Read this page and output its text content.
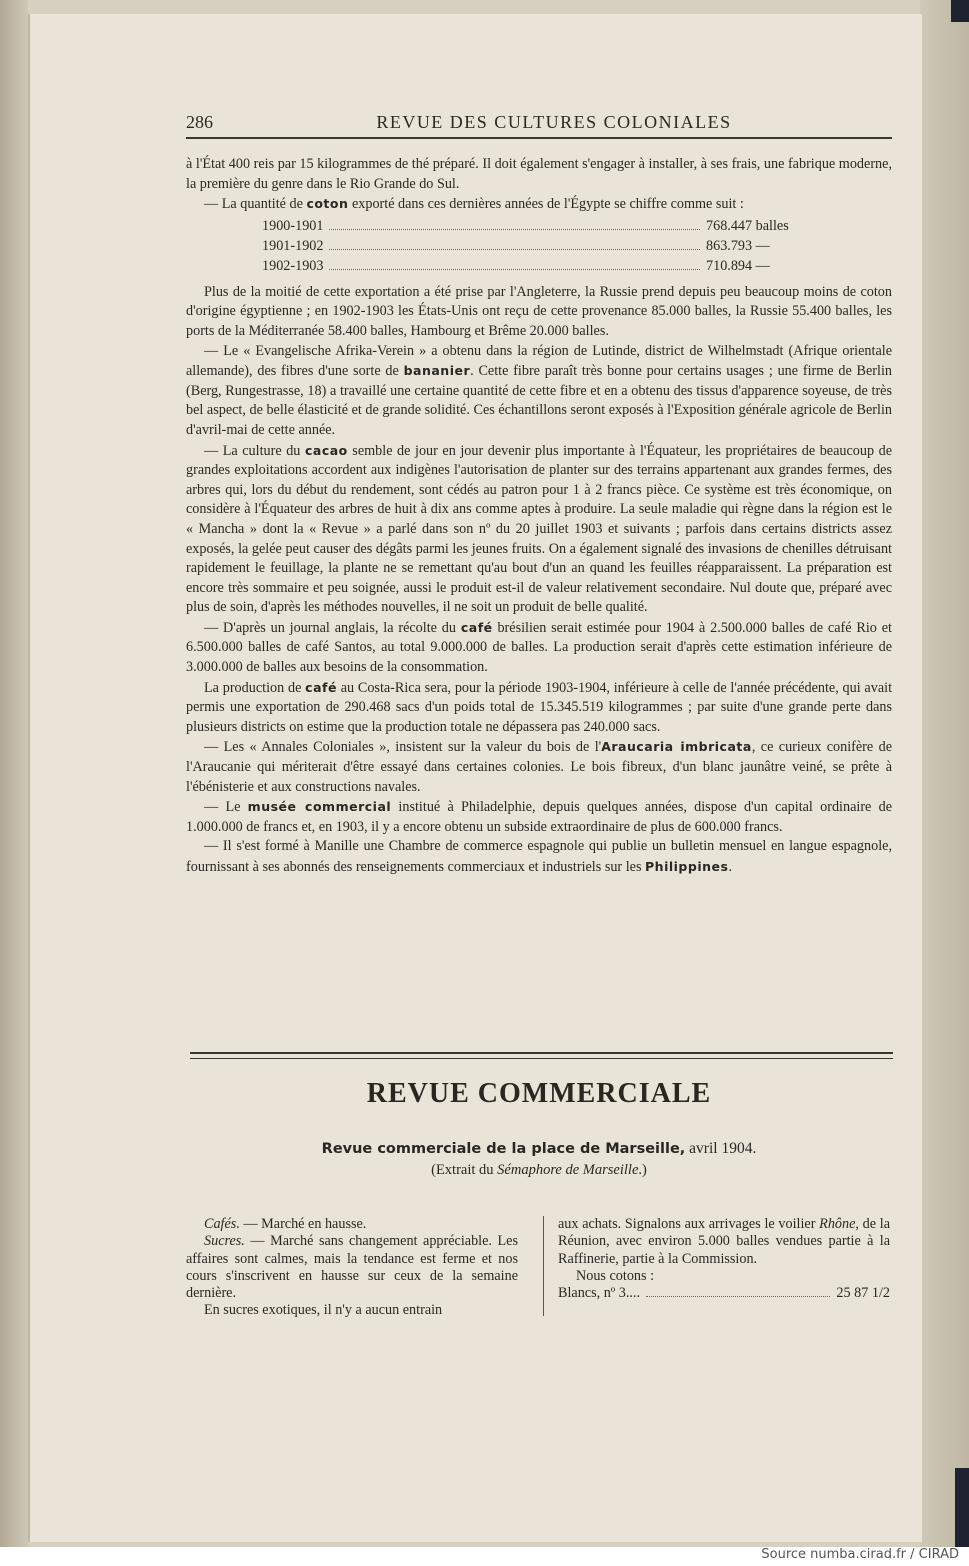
286	REVUE DES CULTURES COLONIALES

à l'État 400 reis par 15 kilogrammes de thé préparé. Il doit également s'engager à installer, à ses frais, une fabrique moderne, la première du genre dans le Rio Grande do Sul.

— La quantité de coton exporté dans ces dernières années de l'Égypte se chiffre comme suit :

1900-1901	768.447 balles
1901-1902	863.793 —
1902-1903	710.894 —

Plus de la moitié de cette exportation a été prise par l'Angleterre, la Russie prend depuis peu beaucoup moins de coton d'origine égyptienne ; en 1902-1903 les États-Unis ont reçu de cette provenance 85.000 balles, la Russie 55.400 balles, les ports de la Méditerranée 58.400 balles, Hambourg et Brême 20.000 balles.

— Le « Evangelische Afrika-Verein » a obtenu dans la région de Lutinde, district de Wilhelmstadt (Afrique orientale allemande), des fibres d'une sorte de bananier. Cette fibre paraît très bonne pour certains usages ; une firme de Berlin (Berg, Rungestrasse, 18) a travaillé une certaine quantité de cette fibre et en a obtenu des tissus d'apparence soyeuse, de très bel aspect, de belle élasticité et de grande solidité. Ces échantillons seront exposés à l'Exposition générale agricole de Berlin d'avril-mai de cette année.

— La culture du cacao semble de jour en jour devenir plus importante à l'Équateur, les propriétaires de beaucoup de grandes exploitations accordent aux indigènes l'autorisation de planter sur des terrains appartenant aux grandes fermes, des arbres qui, lors du début du rendement, sont cédés au patron pour 1 à 2 francs pièce. Ce système est très économique, on considère à l'Équateur des arbres de huit à dix ans comme aptes à produire. La seule maladie qui règne dans la région est le « Mancha » dont la « Revue » a parlé dans son nº du 20 juillet 1903 et suivants ; parfois dans certains districts assez exposés, la gelée peut causer des dégâts parmi les jeunes fruits. On a également signalé des invasions de chenilles détruisant rapidement le feuillage, la plante ne se remettant qu'au bout d'un an quand les feuilles réapparaissent. La préparation est encore très sommaire et peu soignée, aussi le produit est-il de valeur relativement secondaire. Nul doute que, préparé avec plus de soin, d'après les méthodes nouvelles, il ne soit un produit de belle qualité.

— D'après un journal anglais, la récolte du café brésilien serait estimée pour 1904 à 2.500.000 balles de café Rio et 6.500.000 balles de café Santos, au total 9.000.000 de balles. La production serait d'après cette estimation inférieure de 3.000.000 de balles aux besoins de la consommation.

La production de café au Costa-Rica sera, pour la période 1903-1904, inférieure à celle de l'année précédente, qui avait permis une exportation de 290.468 sacs d'un poids total de 15.345.519 kilogrammes ; par suite d'une grande perte dans plusieurs districts on estime que la production totale ne dépassera pas 240.000 sacs.

— Les « Annales Coloniales », insistent sur la valeur du bois de l'Araucaria imbricata, ce curieux conifère de l'Araucanie qui mériterait d'être essayé dans certaines colonies. Le bois fibreux, d'un blanc jaunâtre veiné, se prête à l'ébénisterie et aux constructions navales.

— Le musée commercial institué à Philadelphie, depuis quelques années, dispose d'un capital ordinaire de 1.000.000 de francs et, en 1903, il y a encore obtenu un subside extraordinaire de plus de 600.000 francs.

— Il s'est formé à Manille une Chambre de commerce espagnole qui publie un bulletin mensuel en langue espagnole, fournissant à ses abonnés des renseignements commerciaux et industriels sur les Philippines.

REVUE COMMERCIALE
Revue commerciale de la place de Marseille, avril 1904.
(Extrait du Sémaphore de Marseille.)

Cafés. — Marché en hausse.

Sucres. — Marché sans changement appréciable. Les affaires sont calmes, mais la tendance est ferme et nos cours s'inscrivent en hausse sur ceux de la semaine dernière.

En sucres exotiques, il n'y a aucun entrain

aux achats. Signalons aux arrivages le voilier Rhône, de la Réunion, avec environ 5.000 balles vendues partie à la Raffinerie, partie à la Commission.

Nous cotons :

Blancs, nº 3....	25 87 1/2
Source numba.cirad.fr / CIRAD
